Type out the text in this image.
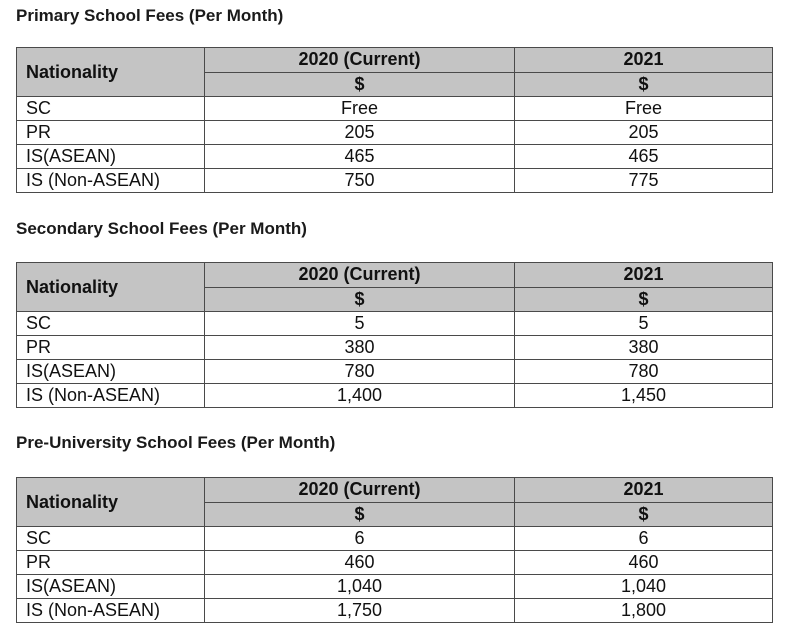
Primary School Fees (Per Month)
Nationality	2020 (Current)	2021
	$	$
SC	Free	Free
PR	205	205
IS(ASEAN)	465	465
IS (Non-ASEAN)	750	775
Secondary School Fees (Per Month)
Nationality	2020 (Current)	2021
	$	$
SC	5	5
PR	380	380
IS(ASEAN)	780	780
IS (Non-ASEAN)	1,400	1,450
Pre-University School Fees (Per Month)
Nationality	2020 (Current)	2021
	$	$
SC	6	6
PR	460	460
IS(ASEAN)	1,040	1,040
IS (Non-ASEAN)	1,750	1,800
